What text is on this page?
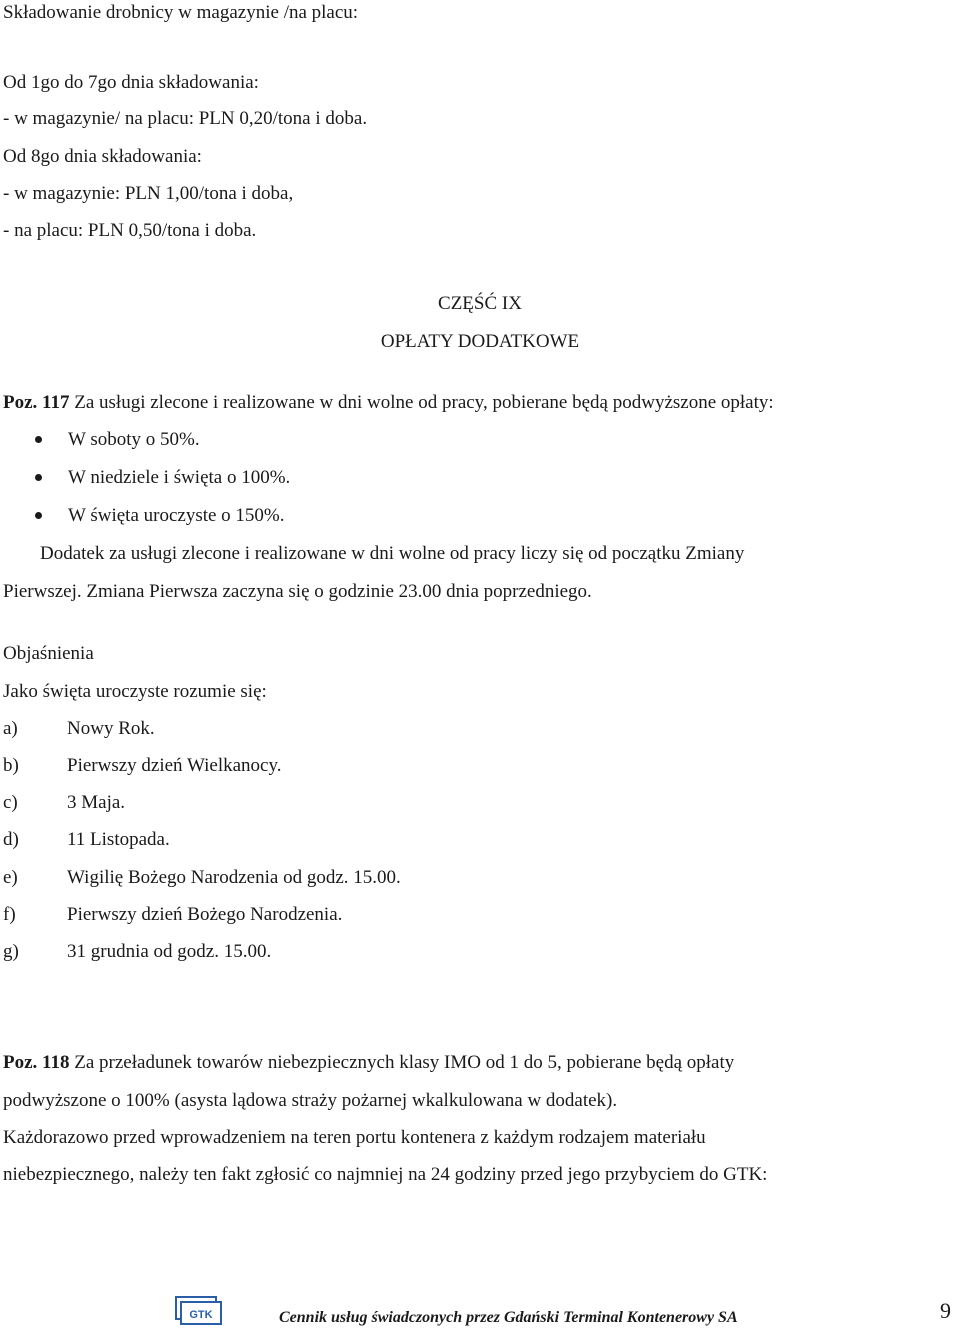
Składowanie drobnicy w magazynie /na placu:
Od 1go do 7go dnia składowania:
- w magazynie/ na placu: PLN 0,20/tona i doba.
Od 8go dnia składowania:
- w magazynie: PLN 1,00/tona i doba,
- na placu: PLN 0,50/tona i doba.
CZĘŚĆ IX
OPŁATY DODATKOWE
Poz. 117 Za usługi zlecone i realizowane w dni wolne od pracy, pobierane będą podwyższone opłaty:
W soboty o 50%.
W niedziele i święta o 100%.
W święta uroczyste o 150%.
Dodatek za usługi zlecone i realizowane w dni wolne od pracy liczy się od początku Zmiany
Pierwszej. Zmiana Pierwsza zaczyna się o godzinie 23.00 dnia poprzedniego.
Objaśnienia
Jako święta uroczyste rozumie się:
a)	Nowy Rok.
b)	Pierwszy dzień Wielkanocy.
c)	3 Maja.
d)	11 Listopada.
e)	Wigilię Bożego Narodzenia od godz. 15.00.
f)	Pierwszy dzień Bożego Narodzenia.
g)	31 grudnia od godz. 15.00.
Poz. 118 Za przeładunek towarów niebezpiecznych klasy IMO od 1 do 5, pobierane będą opłaty
podwyższone o 100% (asysta lądowa straży pożarnej wkalkulowana w dodatek).
Każdorazowo przed wprowadzeniem na teren portu kontenera z każdym rodzajem materiału
niebezpiecznego, należy ten fakt zgłosić co najmniej na 24 godziny przed jego przybyciem do GTK:
GTK	Cennik usług świadczonych przez Gdański Terminal Kontenerowy SA	9
